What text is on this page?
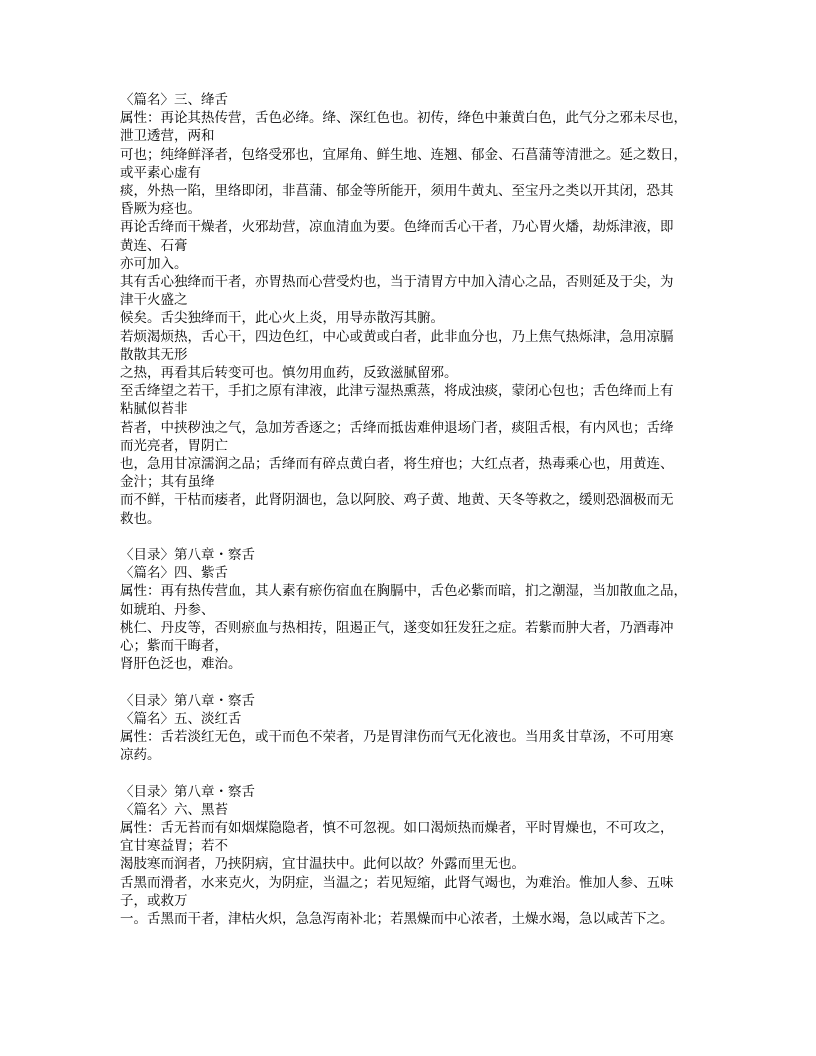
〈篇名〉三、绛舌
属性：再论其热传营，舌色必绛。绛、深红色也。初传，绛色中兼黄白色，此气分之邪未尽也，
泄卫透营，两和
可也；纯绛鲜泽者，包络受邪也，宜犀角、鲜生地、连翘、郁金、石菖蒲等清泄之。延之数日，
或平素心虚有
痰，外热一陷，里络即闭，非菖蒲、郁金等所能开，须用牛黄丸、至宝丹之类以开其闭，恐其
昏厥为痉也。
再论舌绛而干燥者，火邪劫营，凉血清血为要。色绛而舌心干者，乃心胃火燔，劫烁津液，即
黄连、石膏
亦可加入。
其有舌心独绛而干者，亦胃热而心营受灼也，当于清胃方中加入清心之品，否则延及于尖，为
津干火盛之
候矣。舌尖独绛而干，此心火上炎，用导赤散泻其腑。
若烦渴烦热，舌心干，四边色红，中心或黄或白者，此非血分也，乃上焦气热烁津，急用凉膈
散散其无形
之热，再看其后转变可也。慎勿用血药，反致滋腻留邪。
至舌绛望之若干，手扪之原有津液，此津亏湿热熏蒸，将成浊痰，蒙闭心包也；舌色绛而上有
粘腻似苔非
苔者，中挟秽浊之气，急加芳香逐之；舌绛而抵齿难伸退场门者，痰阻舌根，有内风也；舌绛
而光亮者，胃阴亡
也，急用甘凉濡润之品；舌绛而有碎点黄白者，将生疳也；大红点者，热毒乘心也，用黄连、
金汁；其有虽绛
而不鲜，干枯而痿者，此肾阴涸也，急以阿胶、鸡子黄、地黄、天冬等救之，缓则恐涸极而无
救也。
〈目录〉第八章・察舌
〈篇名〉四、紫舌
属性：再有热传营血，其人素有瘀伤宿血在胸膈中，舌色必紫而暗，扪之潮湿，当加散血之品，
如琥珀、丹参、
桃仁、丹皮等，否则瘀血与热相抟，阻遏正气，遂变如狂发狂之症。若紫而肿大者，乃酒毒冲
心；紫而干晦者，
肾肝色泛也，难治。
〈目录〉第八章・察舌
〈篇名〉五、淡红舌
属性：舌若淡红无色，或干而色不荣者，乃是胃津伤而气无化液也。当用炙甘草汤，不可用寒
凉药。
〈目录〉第八章・察舌
〈篇名〉六、黑苔
属性：舌无苔而有如烟煤隐隐者，慎不可忽视。如口渴烦热而燥者，平时胃燥也，不可攻之，
宜甘寒益胃；若不
渴肢寒而润者，乃挟阴病，宜甘温扶中。此何以故？外露而里无也。
舌黑而滑者，水来克火，为阴症，当温之；若见短缩，此肾气竭也，为难治。惟加人参、五味
子，或救万
一。舌黑而干者，津枯火炽，急急泻南补北；若黑燥而中心浓者，土燥水竭，急以咸苦下之。
